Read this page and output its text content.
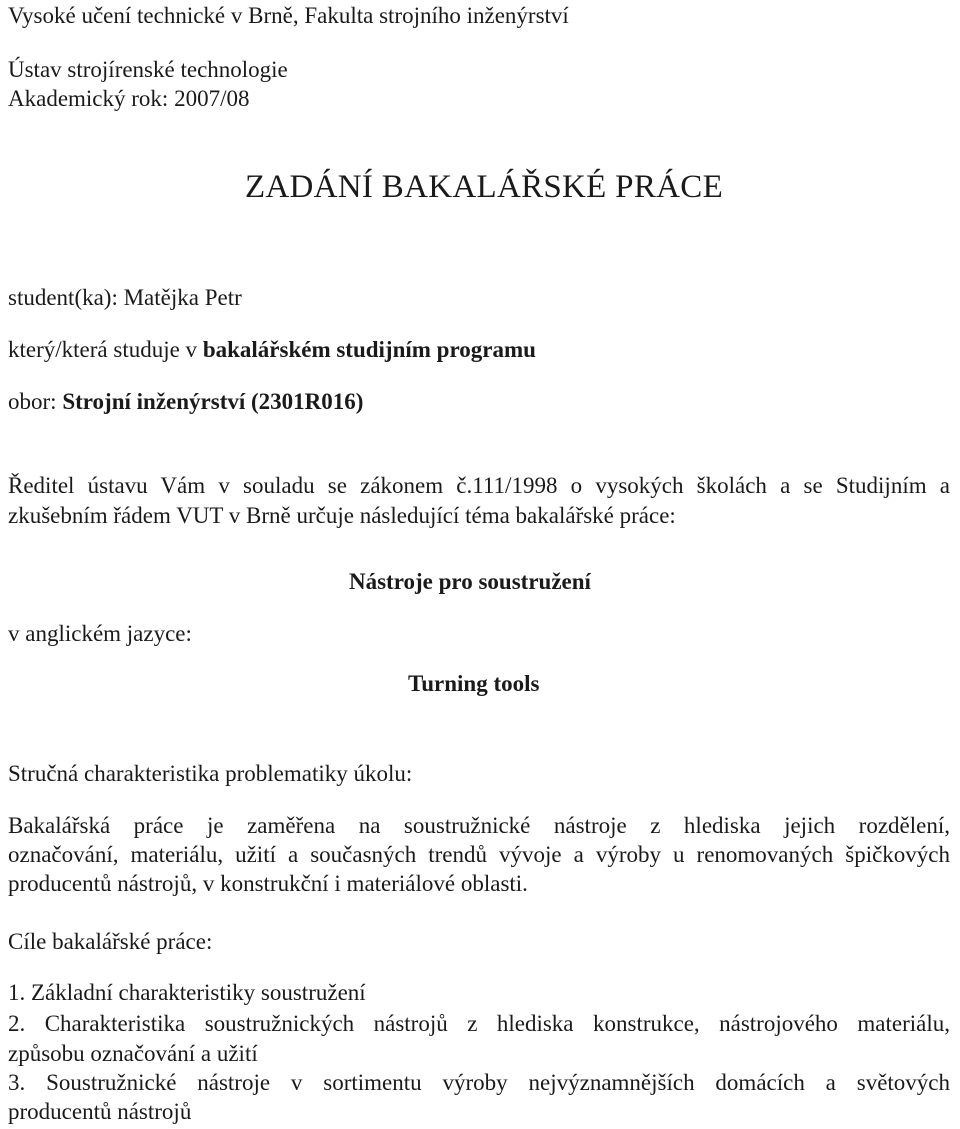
Vysoké učení technické v Brně, Fakulta strojního inženýrství
Ústav strojírenské technologie
Akademický rok: 2007/08
ZADÁNÍ BAKALÁŘSKÉ PRÁCE
student(ka): Matějka Petr
který/která studuje v bakalářském studijním programu
obor: Strojní inženýrství (2301R016)
Ředitel ústavu Vám v souladu se zákonem č.111/1998 o vysokých školách a se Studijním a
zkušebním řádem VUT v Brně určuje následující téma bakalářské práce:
Nástroje pro soustružení
v anglickém jazyce:
Turning tools
Stručná charakteristika problematiky úkolu:
Bakalářská práce je zaměřena na soustružnické nástroje z hlediska jejich rozdělení,
označování, materiálu, užití a současných trendů vývoje a výroby u renomovaných špičkových
producentů nástrojů, v konstrukční i materiálové oblasti.
Cíle bakalářské práce:
1. Základní charakteristiky soustružení
2. Charakteristika soustružnických nástrojů z hlediska konstrukce, nástrojového materiálu,
způsobu označování a užití
3. Soustružnické nástroje v sortimentu výroby nejvýznamnějších domácích a světových
producentů nástrojů
